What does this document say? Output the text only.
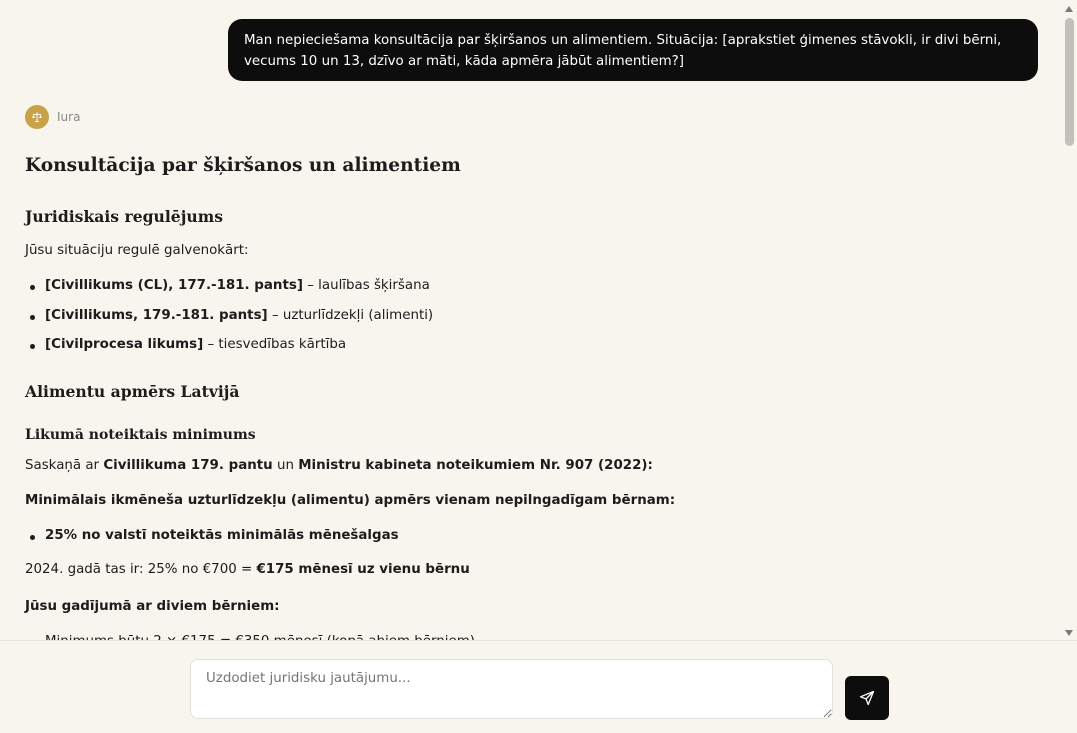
Man nepieciešama konsultācija par šķiršanos un alimentiem. Situācija: [aprakstiet ģimenes stāvokli, ir divi bērni, vecums 10 un 13, dzīvo ar māti, kāda apmēra jābūt alimentiem?]
Iura
Konsultācija par šķiršanos un alimentiem
Juridiskais regulējums
Jūsu situāciju regulē galvenokārt:
[Civillikums (CL), 177.-181. pants] – laulības šķiršana
[Civillikums, 179.-181. pants] – uzturlīdzekļi (alimenti)
[Civilprocesa likums] – tiesvedības kārtība
Alimentu apmērs Latvijā
Likumā noteiktais minimums
Saskaņā ar Civillikuma 179. pantu un Ministru kabineta noteikumiem Nr. 907 (2022):
Minimālais ikmēneša uzturlīdzekļu (alimentu) apmērs vienam nepilngadīgam bērnam:
25% no valstī noteiktās minimālās mēnešalgas
2024. gadā tas ir: 25% no €700 = €175 mēnesī uz vienu bērnu
Jūsu gadījumā ar diviem bērniem:
Uzdodiet juridisku jautājumu...
